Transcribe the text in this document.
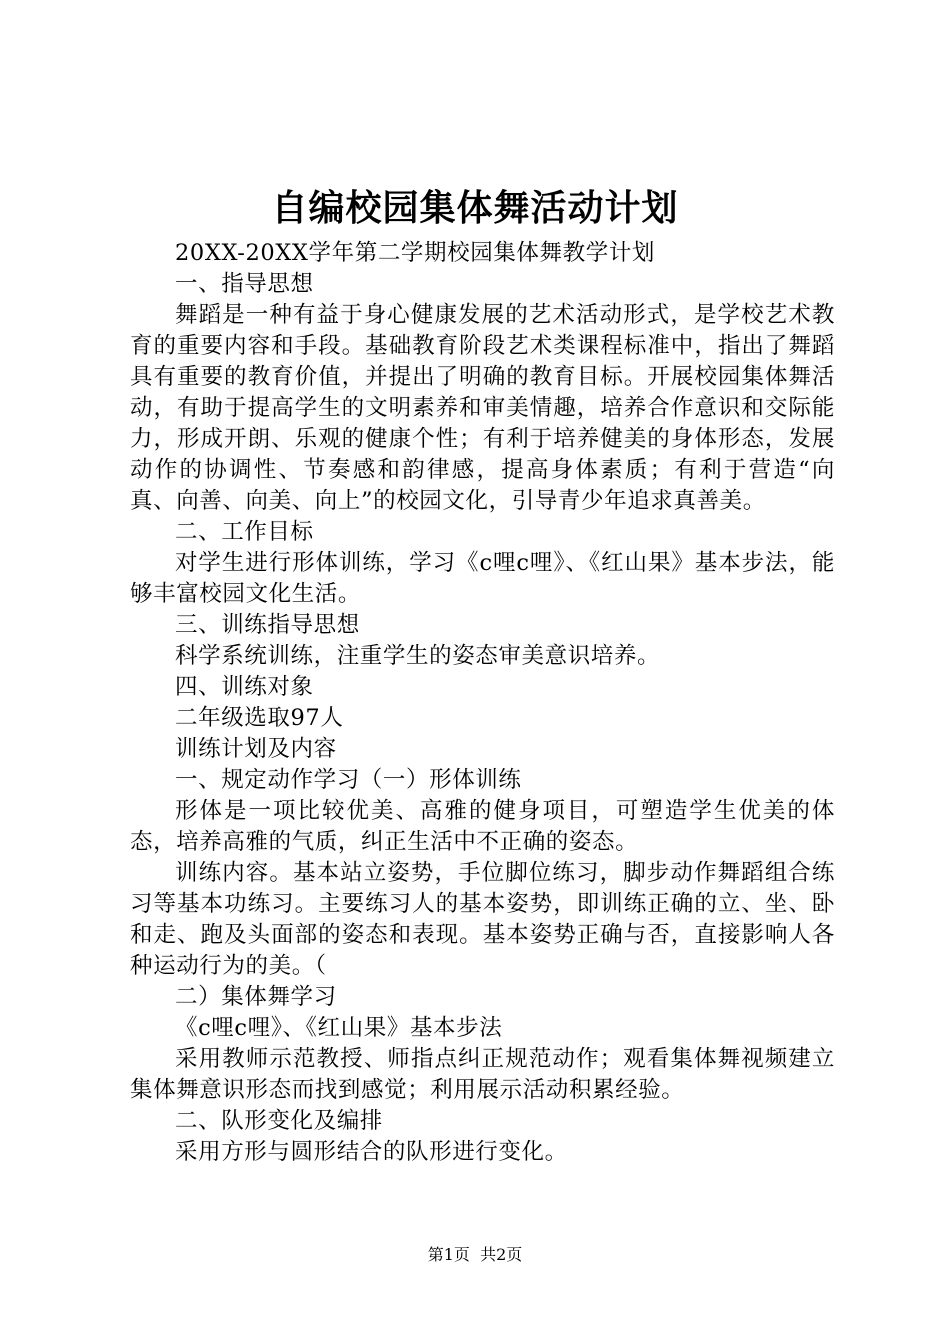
自编校园集体舞活动计划

20XX-20XX学年第二学期校园集体舞教学计划

一、指导思想

舞蹈是一种有益于身心健康发展的艺术活动形式，是学校艺术教育的重要内容和手段。基础教育阶段艺术类课程标准中，指出了舞蹈具有重要的教育价值，并提出了明确的教育目标。开展校园集体舞活动，有助于提高学生的文明素养和审美情趣，培养合作意识和交际能力，形成开朗、乐观的健康个性；有利于培养健美的身体形态，发展动作的协调性、节奏感和韵律感，提高身体素质；有利于营造“向真、向善、向美、向上”的校园文化，引导青少年追求真善美。

二、工作目标

对学生进行形体训练，学习《c哩c哩》、《红山果》基本步法，能够丰富校园文化生活。

三、训练指导思想

科学系统训练，注重学生的姿态审美意识培养。

四、训练对象

二年级选取97人

训练计划及内容

一、规定动作学习（一）形体训练

形体是一项比较优美、高雅的健身项目，可塑造学生优美的体态，培养高雅的气质，纠正生活中不正确的姿态。

训练内容。基本站立姿势，手位脚位练习，脚步动作舞蹈组合练习等基本功练习。主要练习人的基本姿势，即训练正确的立、坐、卧和走、跑及头面部的姿态和表现。基本姿势正确与否，直接影响人各种运动行为的美。（

二）集体舞学习

《c哩c哩》、《红山果》基本步法

采用教师示范教授、师指点纠正规范动作；观看集体舞视频建立集体舞意识形态而找到感觉；利用展示活动积累经验。

二、队形变化及编排

采用方形与圆形结合的队形进行变化。

第1页 共2页
